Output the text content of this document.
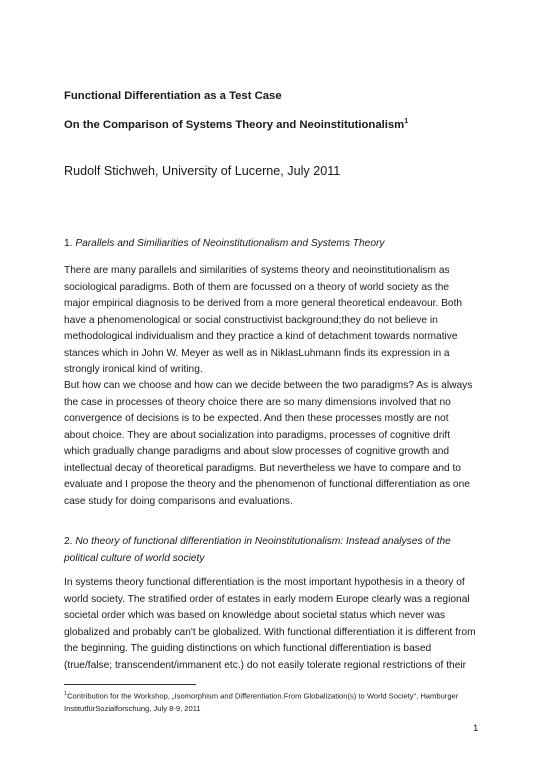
Functional Differentiation as a Test Case
On the Comparison of Systems Theory and Neoinstitutionalism$^1$
Rudolf Stichweh, University of Lucerne, July 2011
1. Parallels and Similiarities of Neoinstitutionalism and Systems Theory
There are many parallels and similarities of systems theory and neoinstitutionalism as sociological paradigms. Both of them are focussed on a theory of world society as the major empirical diagnosis to be derived from a more general theoretical endeavour. Both have a phenomenological or social constructivist background;they do not believe in methodological individualism and they practice a kind of detachment towards normative stances which in John W. Meyer as well as in NiklasLuhmann finds its expression in a strongly ironical kind of writing.
But how can we choose and how can we decide between the two paradigms? As is always the case in processes of theory choice there are so many dimensions involved that no convergence of decisions is to be expected. And then these processes mostly are not about choice. They are about socialization into paradigms, processes of cognitive drift which gradually change paradigms and about slow processes of cognitive growth and intellectual decay of theoretical paradigms. But nevertheless we have to compare and to evaluate and I propose the theory and the phenomenon of functional differentiation as one case study for doing comparisons and evaluations.
2. No theory of functional differentiation in Neoinstitutionalism: Instead analyses of the political culture of world society
In systems theory functional differentiation is the most important hypothesis in a theory of world society. The stratified order of estates in early modern Europe clearly was a regional societal order which was based on knowledge about societal status which never was globalized and probably can't be globalized. With functional differentiation it is different from the beginning. The guiding distinctions on which functional differentiation is based (true/false; transcendent/immanent etc.) do not easily tolerate regional restrictions of their
$^1$Contribution for the Workshop, „Isomorphism and Differentiation.From Globalization(s) to World Society“, Hamburger InstitutfürSozialforschung, July 8-9, 2011
1
